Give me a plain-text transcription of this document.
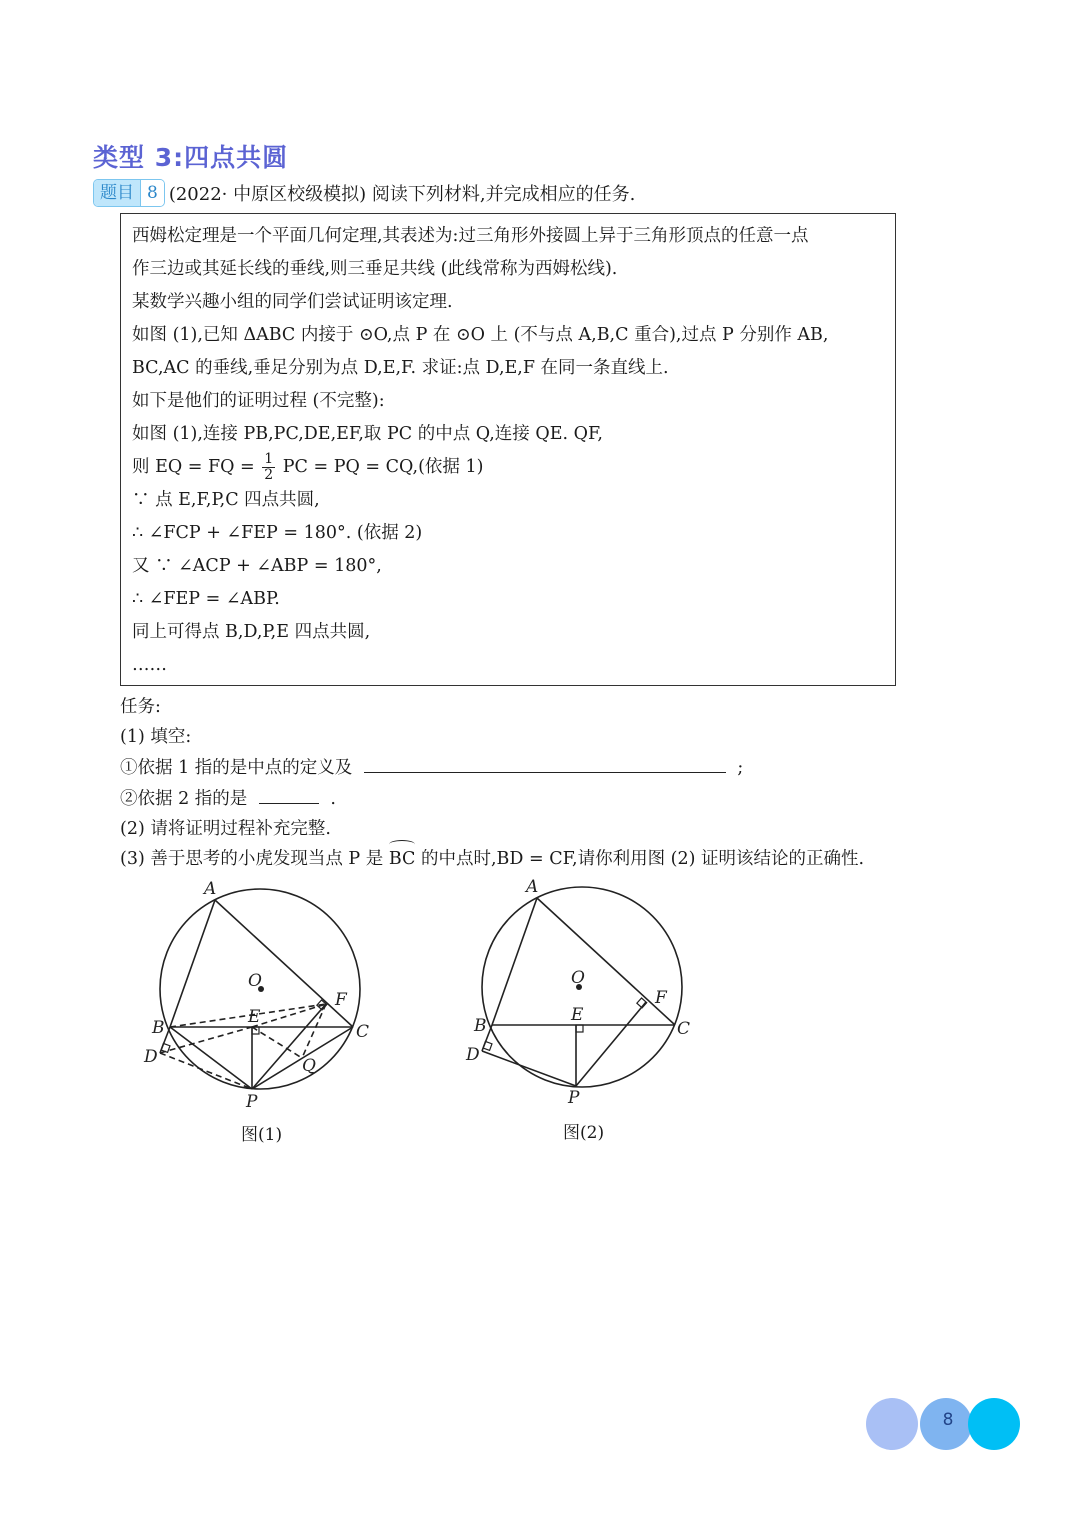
类型 3:四点共圆
题目 8 (2022· 中原区校级模拟) 阅读下列材料,并完成相应的任务.
西姆松定理是一个平面几何定理,其表述为:过三角形外接圆上异于三角形顶点的任意一点
作三边或其延长线的垂线,则三垂足共线 (此线常称为西姆松线).
某数学兴趣小组的同学们尝试证明该定理.
如图 (1),已知 ΔABC 内接于 ⊙O,点 P 在 ⊙O 上 (不与点 A,B,C 重合),过点 P 分别作 AB,
BC,AC 的垂线,垂足分别为点 D,E,F. 求证:点 D,E,F 在同一条直线上.
如下是他们的证明过程 (不完整):
如图 (1),连接 PB,PC,DE,EF,取 PC 的中点 Q,连接 QE. QF,
则 EQ = FQ = $\frac{1}{2}$ PC = PQ = CQ,(依据 1)
∵ 点 E,F,P,C 四点共圆,
∴ ∠FCP + ∠FEP = 180°. (依据 2)
又 ∵ ∠ACP + ∠ABP = 180°,
∴ ∠FEP = ∠ABP.
同上可得点 B,D,P,E 四点共圆,
……
任务:
(1) 填空:
①依据 1 指的是中点的定义及	;
②依据 2 指的是	.
(2) 请将证明过程补充完整.
(3) 善于思考的小虎发现当点 P 是 BC 的中点时,BD = CF,请你利用图 (2) 证明该结论的正确性.
A
B	C
D
E
F
O
P
Q
图(1)
A
B	C
D
E
F
O
P
图(2)
8
